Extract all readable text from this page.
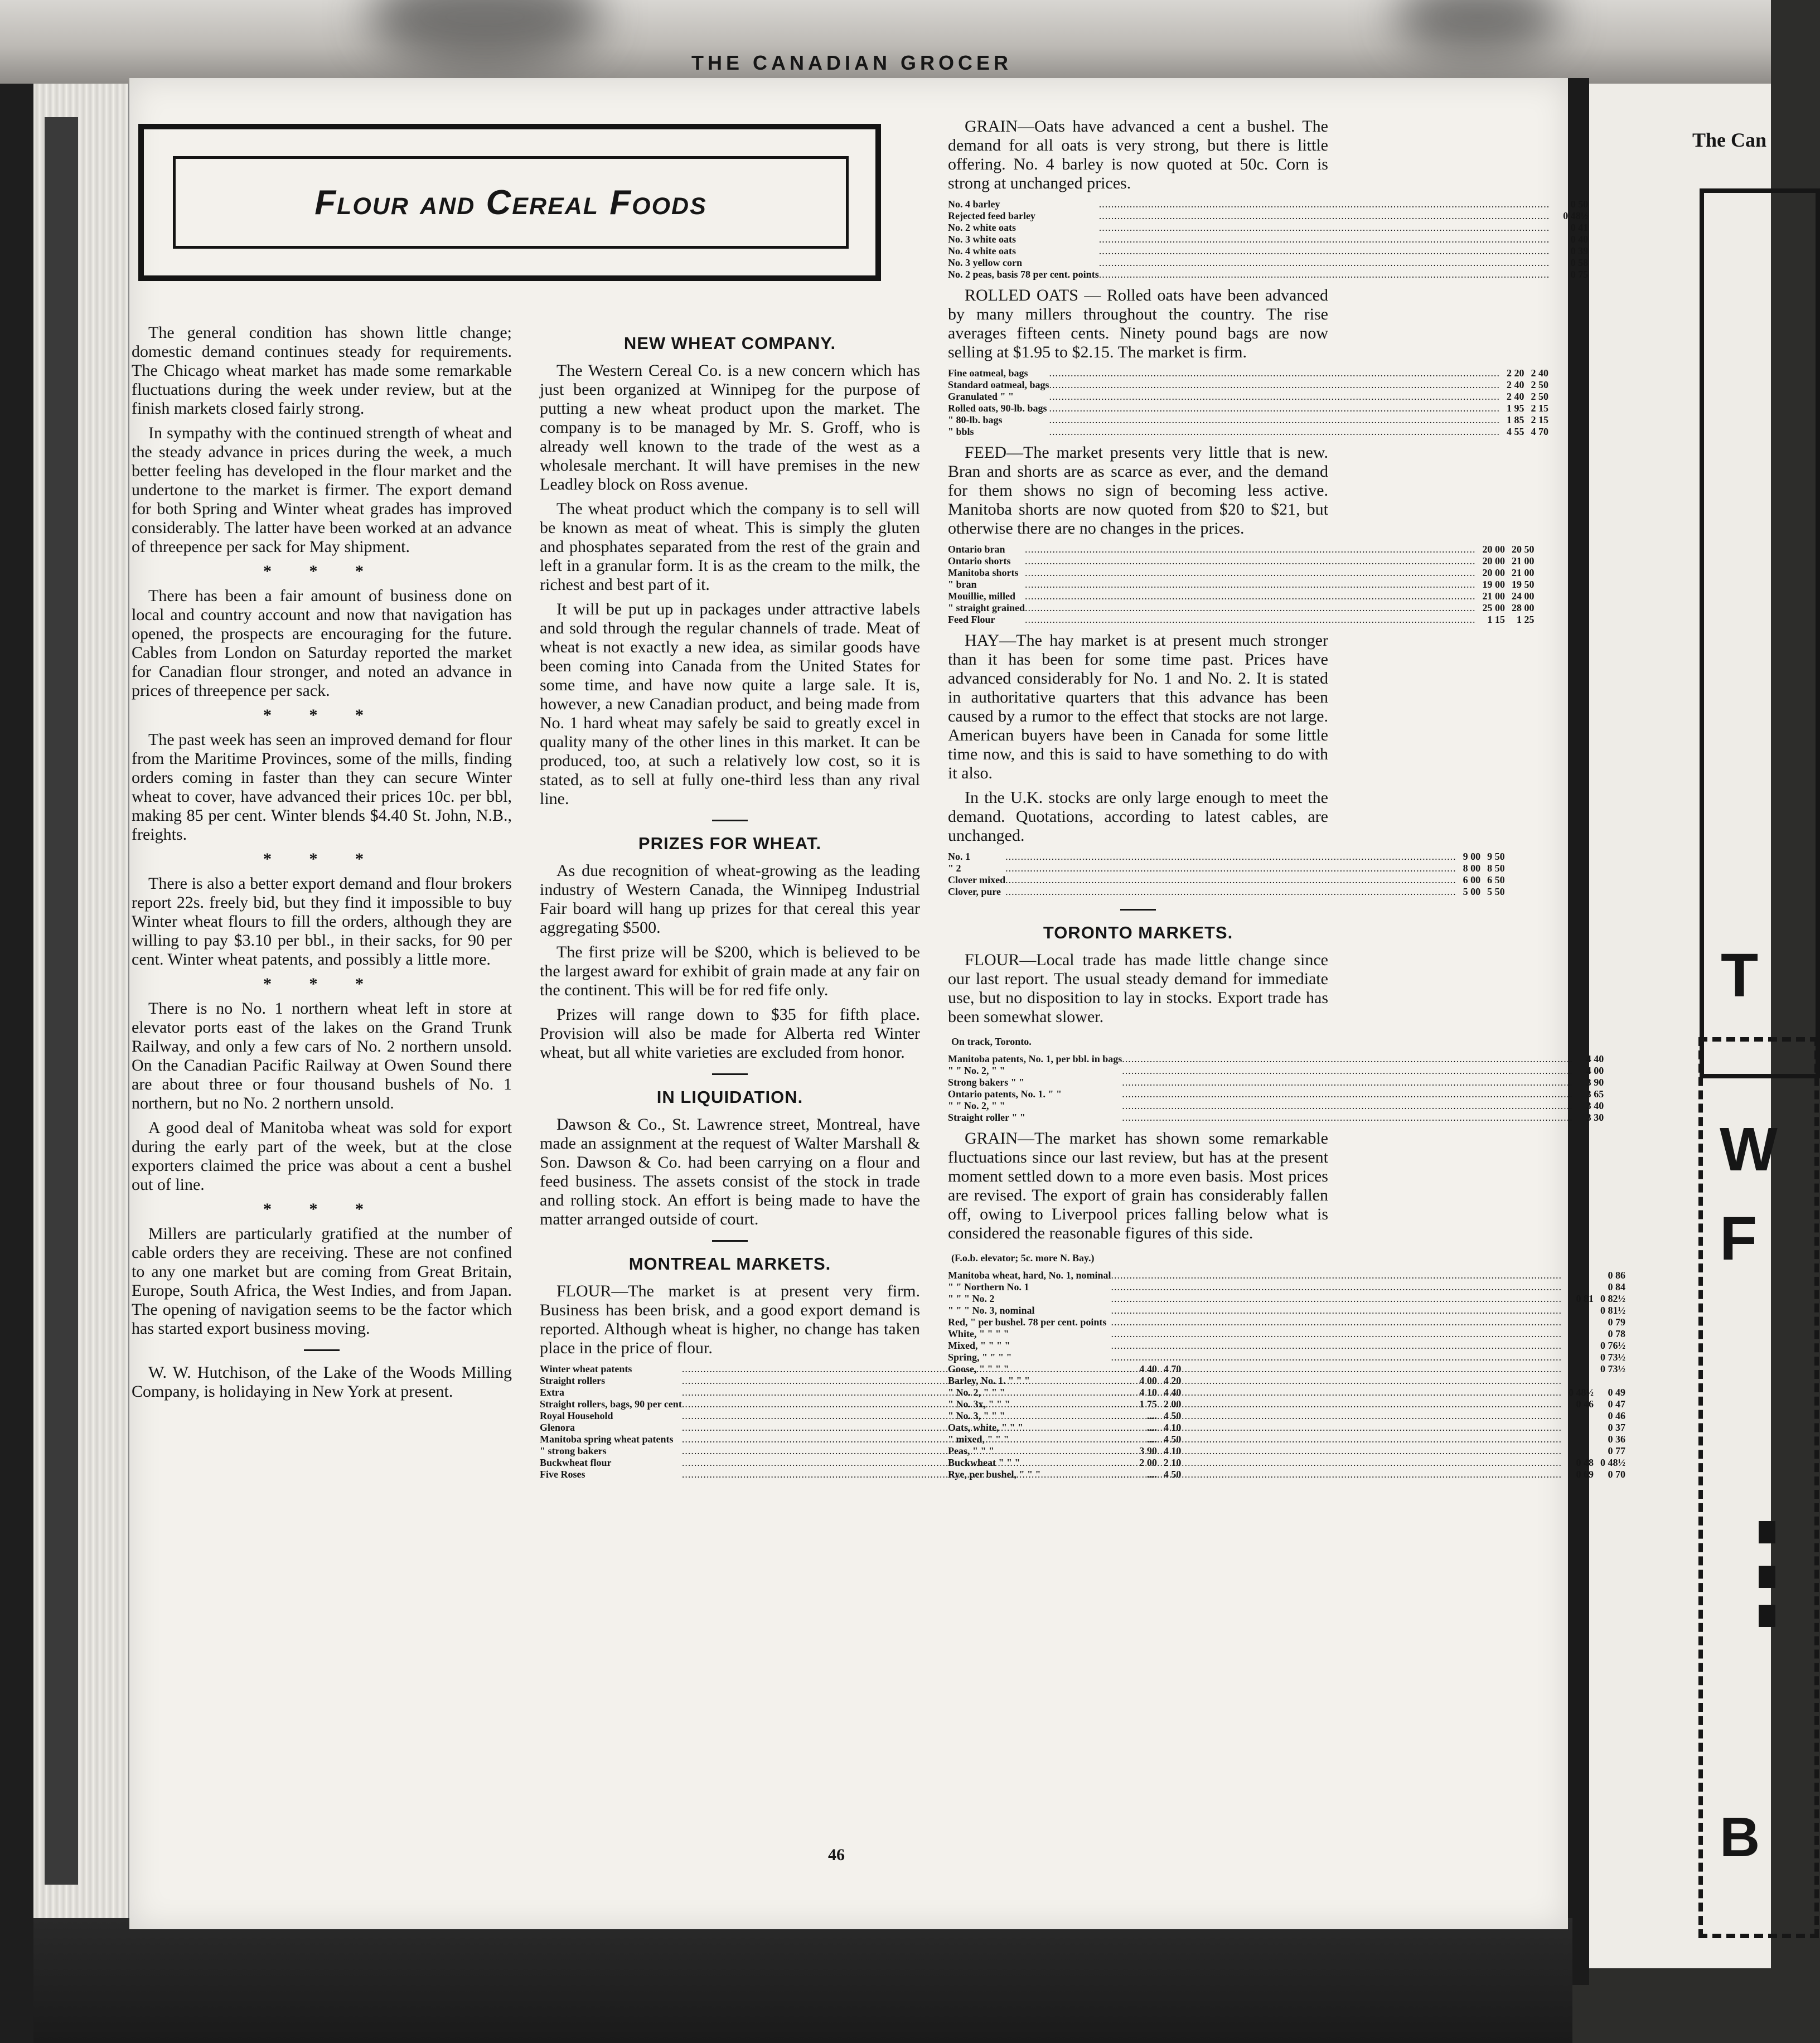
The Can
T
W
F
B
THE CANADIAN GROCER
Flour and Cereal Foods

The general condition has shown little change; domestic demand continues steady for requirements. The Chicago wheat market has made some remarkable fluctuations during the week under review, but at the finish markets closed fairly strong.

In sympathy with the continued strength of wheat and the steady advance in prices during the week, a much better feeling has developed in the flour market and the undertone to the market is firmer. The export demand for both Spring and Winter wheat grades has improved considerably. The latter have been worked at an advance of threepence per sack for May shipment.

* * *

There has been a fair amount of business done on local and country account and now that navigation has opened, the prospects are encouraging for the future. Cables from London on Saturday reported the market for Canadian flour stronger, and noted an advance in prices of threepence per sack.

* * *

The past week has seen an improved demand for flour from the Maritime Provinces, some of the mills, finding orders coming in faster than they can secure Winter wheat to cover, have advanced their prices 10c. per bbl, making 85 per cent. Winter blends $4.40 St. John, N.B., freights.

* * *

There is also a better export demand and flour brokers report 22s. freely bid, but they find it impossible to buy Winter wheat flours to fill the orders, although they are willing to pay $3.10 per bbl., in their sacks, for 90 per cent. Winter wheat patents, and possibly a little more.

* * *

There is no No. 1 northern wheat left in store at elevator ports east of the lakes on the Grand Trunk Railway, and only a few cars of No. 2 northern unsold. On the Canadian Pacific Railway at Owen Sound there are about three or four thousand bushels of No. 1 northern, but no No. 2 northern unsold.

A good deal of Manitoba wheat was sold for export during the early part of the week, but at the close exporters claimed the price was about a cent a bushel out of line.

* * *

Millers are particularly gratified at the number of cable orders they are receiving. These are not confined to any one market but are coming from Great Britain, Europe, South Africa, the West Indies, and from Japan. The opening of navigation seems to be the factor which has started export business moving.

W. W. Hutchison, of the Lake of the Woods Milling Company, is holidaying in New York at present.

NEW WHEAT COMPANY.

The Western Cereal Co. is a new concern which has just been organized at Winnipeg for the purpose of putting a new wheat product upon the market. The company is to be managed by Mr. S. Groff, who is already well known to the trade of the west as a wholesale merchant. It will have premises in the new Leadley block on Ross avenue.

The wheat product which the company is to sell will be known as meat of wheat. This is simply the gluten and phosphates separated from the rest of the grain and left in a granular form. It is as the cream to the milk, the richest and best part of it.

It will be put up in packages under attractive labels and sold through the regular channels of trade. Meat of wheat is not exactly a new idea, as similar goods have been coming into Canada from the United States for some time, and have now quite a large sale. It is, however, a new Canadian product, and being made from No. 1 hard wheat may safely be said to greatly excel in quality many of the other lines in this market. It can be produced, too, at such a relatively low cost, so it is stated, as to sell at fully one-third less than any rival line.

PRIZES FOR WHEAT.

As due recognition of wheat-growing as the leading industry of Western Canada, the Winnipeg Industrial Fair board will hang up prizes for that cereal this year aggregating $500.

The first prize will be $200, which is believed to be the largest award for exhibit of grain made at any fair on the continent. This will be for red fife only.

Prizes will range down to $35 for fifth place. Provision will also be made for Alberta red Winter wheat, but all white varieties are excluded from honor.

IN LIQUIDATION.

Dawson & Co., St. Lawrence street, Montreal, have made an assignment at the request of Walter Marshall & Son. Dawson & Co. had been carrying on a flour and feed business. The assets consist of the stock in trade and rolling stock. An effort is being made to have the matter arranged outside of court.

MONTREAL MARKETS.

FLOUR—The market is at present very firm. Business has been brisk, and a good export demand is reported. Although wheat is higher, no change has taken place in the price of flour.

Winter wheat patents	.....	4 40	4 70
Straight rollers	.....	4 00	4 20
Extra	.....	4 10	4 40
Straight rollers, bags, 90 per cent	.....	1 75	2 00
Royal Household	.....	....	4 50
Glenora	.....	....	4 10
Manitoba spring wheat patents	.....	....	4 50
" strong bakers	.....	3 90	4 10
Buckwheat flour	.....	2 00	2 10
Five Roses	.....	....	4 50

GRAIN—Oats have advanced a cent a bushel. The demand for all oats is very strong, but there is little offering. No. 4 barley is now quoted at 50c. Corn is strong at unchanged prices.

No. 4 barley	.....		0 50
Rejected feed barley	.....		0 48½
No. 2 white oats	.....		0 41
No. 3 white oats	.....		0 40
No. 4 white oats	.....		0 39
No. 3 yellow corn	.....		0 58
No. 2 peas, basis 78 per cent. points	.....		0 75

ROLLED OATS — Rolled oats have been advanced by many millers throughout the country. The rise averages fifteen cents. Ninety pound bags are now selling at $1.95 to $2.15. The market is firm.

Fine oatmeal, bags	.....	2 20	2 40
Standard oatmeal, bags	.....	2 40	2 50
Granulated " "	.....	2 40	2 50
Rolled oats, 90-lb. bags	.....	1 95	2 15
" 80-lb. bags	.....	1 85	2 15
" bbls	.....	4 55	4 70

FEED—The market presents very little that is new. Bran and shorts are as scarce as ever, and the demand for them shows no sign of becoming less active. Manitoba shorts are now quoted from $20 to $21, but otherwise there are no changes in the prices.

Ontario bran	.....	20 00	20 50
Ontario shorts	.....	20 00	21 00
Manitoba shorts	.....	20 00	21 00
" bran	.....	19 00	19 50
Mouillie, milled	.....	21 00	24 00
" straight grained	.....	25 00	28 00
Feed Flour	.....	1 15	1 25

HAY—The hay market is at present much stronger than it has been for some time past. Prices have advanced considerably for No. 1 and No. 2. It is stated in authoritative quarters that this advance has been caused by a rumor to the effect that stocks are not large. American buyers have been in Canada for some little time now, and this is said to have something to do with it also.

In the U.K. stocks are only large enough to meet the demand. Quotations, according to latest cables, are unchanged.

No. 1	.....	9 00	9 50
" 2	.....	8 00	8 50
Clover mixed	.....	6 00	6 50
Clover, pure	.....	5 00	5 50
TORONTO MARKETS.

FLOUR—Local trade has made little change since our last report. The usual steady demand for immediate use, but no disposition to lay in stocks. Export trade has been somewhat slower.

On track, Toronto.
Manitoba patents, No. 1, per bbl. in bags	.....		4 40
" " No. 2, " "	.....		4 00
Strong bakers " "	.....		3 90
Ontario patents, No. 1. " "	.....		3 65
" " No. 2, " "	.....		3 40
Straight roller " "	.....		3 30

GRAIN—The market has shown some remarkable fluctuations since our last review, but has at the present moment settled down to a more even basis. Most prices are revised. The export of grain has considerably fallen off, owing to Liverpool prices falling below what is considered the reasonable figures of this side.

(F.o.b. elevator; 5c. more N. Bay.)
Manitoba wheat, hard, No. 1, nominal	.....		0 86
" " Northern No. 1	.....		0 84
" " " No. 2	.....	0 81	0 82½
" " " No. 3, nominal	.....		0 81½
Red, " per bushel. 78 per cent. points	.....		0 79
White, " " " "	.....		0 78
Mixed, " " " "	.....		0 76½
Spring, " " " "	.....		0 73½
Goose, " " " "	.....		0 73½
Barley, No. 1. " " "	.....		
" No. 2, " " "	.....	0 48½	0 49
" No. 3x, " " "	.....	0 46	0 47
" No. 3, " " "	.....		0 46
Oats, white, " " "	.....		0 37
" mixed, " " "	.....		0 36
Peas, " " "	.....		0 77
Buckwheat " " "	.....	0 48	0 48½
Rye, per bushel, " " "	.....	0 69	0 70
46
